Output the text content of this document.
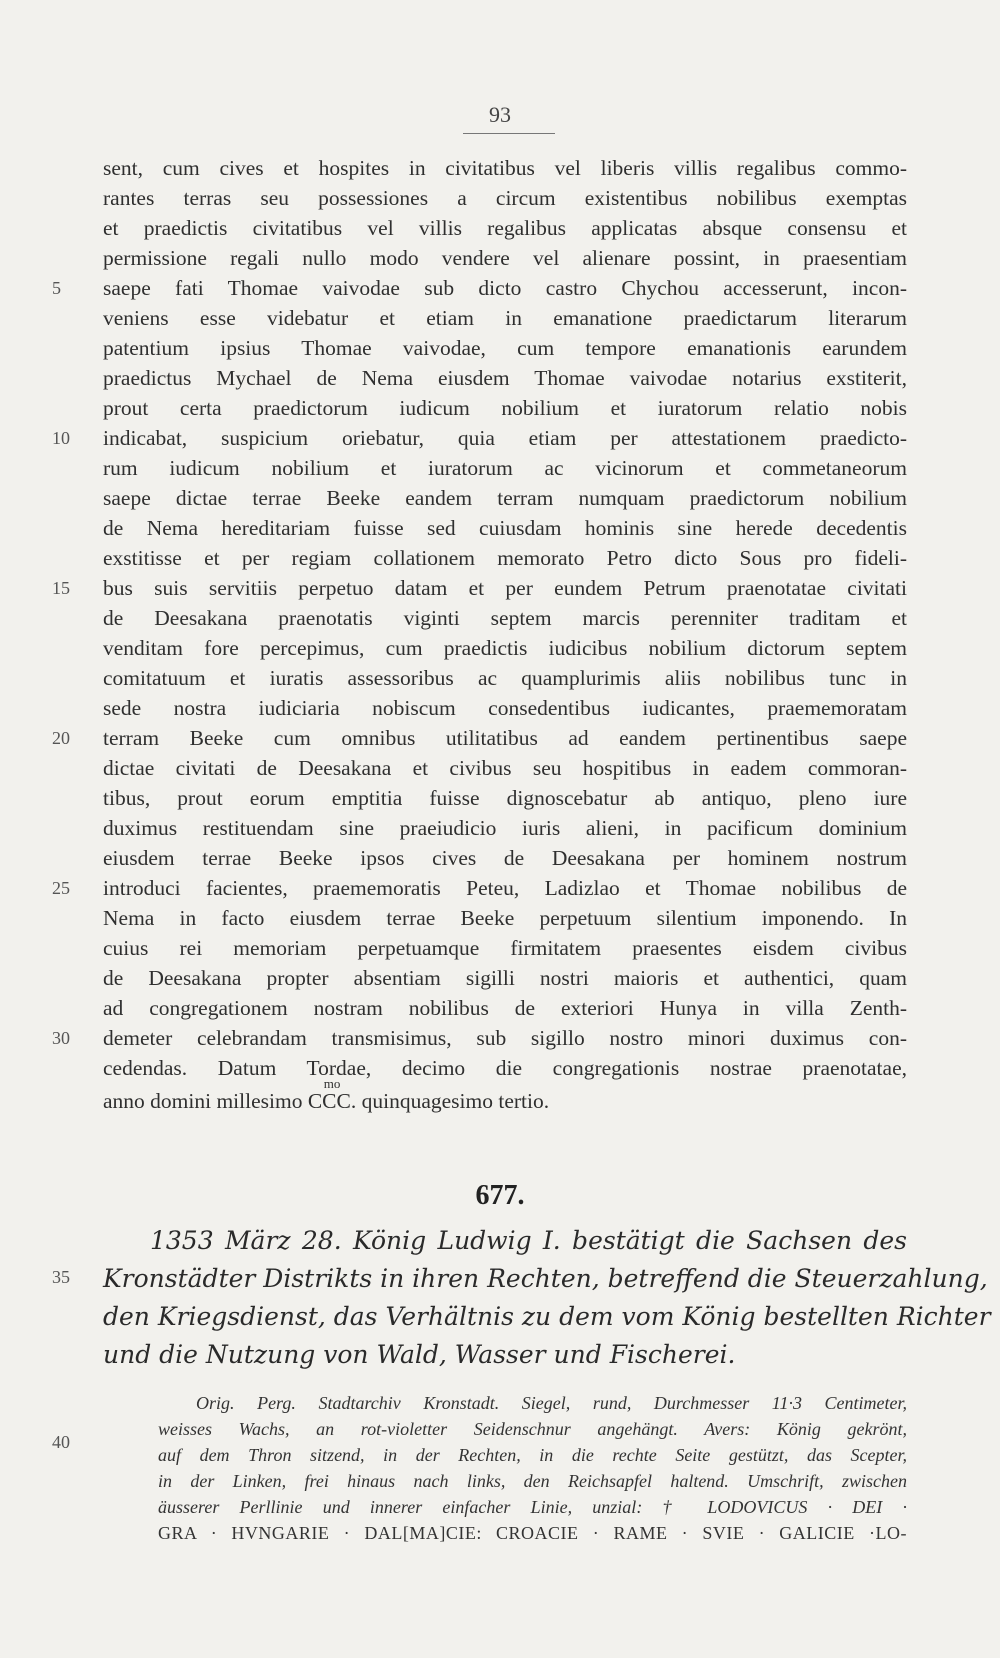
93
sent, cum cives et hospites in civitatibus vel liberis villis regalibus commo-
rantes terras seu possessiones a circum existentibus nobilibus exemptas
et praedictis civitatibus vel villis regalibus applicatas absque consensu et
permissione regali nullo modo vendere vel alienare possint, in praesentiam
saepe fati Thomae vaivodae sub dicto castro Chychou accesserunt, incon-
veniens esse videbatur et etiam in emanatione praedictarum literarum
patentium ipsius Thomae vaivodae, cum tempore emanationis earundem
praedictus Mychael de Nema eiusdem Thomae vaivodae notarius exstiterit,
prout certa praedictorum iudicum nobilium et iuratorum relatio nobis
indicabat, suspicium oriebatur, quia etiam per attestationem praedicto-
rum iudicum nobilium et iuratorum ac vicinorum et commetaneorum
saepe dictae terrae Beeke eandem terram numquam praedictorum nobilium
de Nema hereditariam fuisse sed cuiusdam hominis sine herede decedentis
exstitisse et per regiam collationem memorato Petro dicto Sous pro fideli-
bus suis servitiis perpetuo datam et per eundem Petrum praenotatae civitati
de Deesakana praenotatis viginti septem marcis perenniter traditam et
venditam fore percepimus, cum praedictis iudicibus nobilium dictorum septem
comitatuum et iuratis assessoribus ac quamplurimis aliis nobilibus tunc in
sede nostra iudiciaria nobiscum consedentibus iudicantes, praememoratam
terram Beeke cum omnibus utilitatibus ad eandem pertinentibus saepe
dictae civitati de Deesakana et civibus seu hospitibus in eadem commoran-
tibus, prout eorum emptitia fuisse dignoscebatur ab antiquo, pleno iure
duximus restituendam sine praeiudicio iuris alieni, in pacificum dominium
eiusdem terrae Beeke ipsos cives de Deesakana per hominem nostrum
introduci facientes, praememoratis Peteu, Ladizlao et Thomae nobilibus de
Nema in facto eiusdem terrae Beeke perpetuum silentium imponendo. In
cuius rei memoriam perpetuamque firmitatem praesentes eisdem civibus
de Deesakana propter absentiam sigilli nostri maioris et authentici, quam
ad congregationem nostram nobilibus de exteriori Hunya in villa Zenth-
demeter celebrandam transmisimus, sub sigillo nostro minori duximus con-
cedendas. Datum Tordae, decimo die congregationis nostrae praenotatae,
anno domini millesimo
mo
CCC. quinquagesimo tertio.
5
10
15
20
25
30
35
40
677.
1353 März 28. König Ludwig I. bestätigt die Sachsen des
Kronstädter Distrikts in ihren Rechten, betreffend die Steuerzahlung,
den Kriegsdienst, das Verhältnis zu dem vom König bestellten Richter
und die Nutzung von Wald, Wasser und Fischerei.
Orig. Perg. Stadtarchiv Kronstadt. Siegel, rund, Durchmesser 11·3 Centimeter,
weisses Wachs, an rot-violetter Seidenschnur angehängt. Avers: König gekrönt,
auf dem Thron sitzend, in der Rechten, in die rechte Seite gestützt, das Scepter,
in der Linken, frei hinaus nach links, den Reichsapfel haltend. Umschrift, zwischen
äusserer Perllinie und innerer einfacher Linie, unzial: † LODOVICUS · DEI ·
GRA · HVNGARIE · DAL[MA]CIE: CROACIE · RAME · SVIE · GALICIE ·LO-
